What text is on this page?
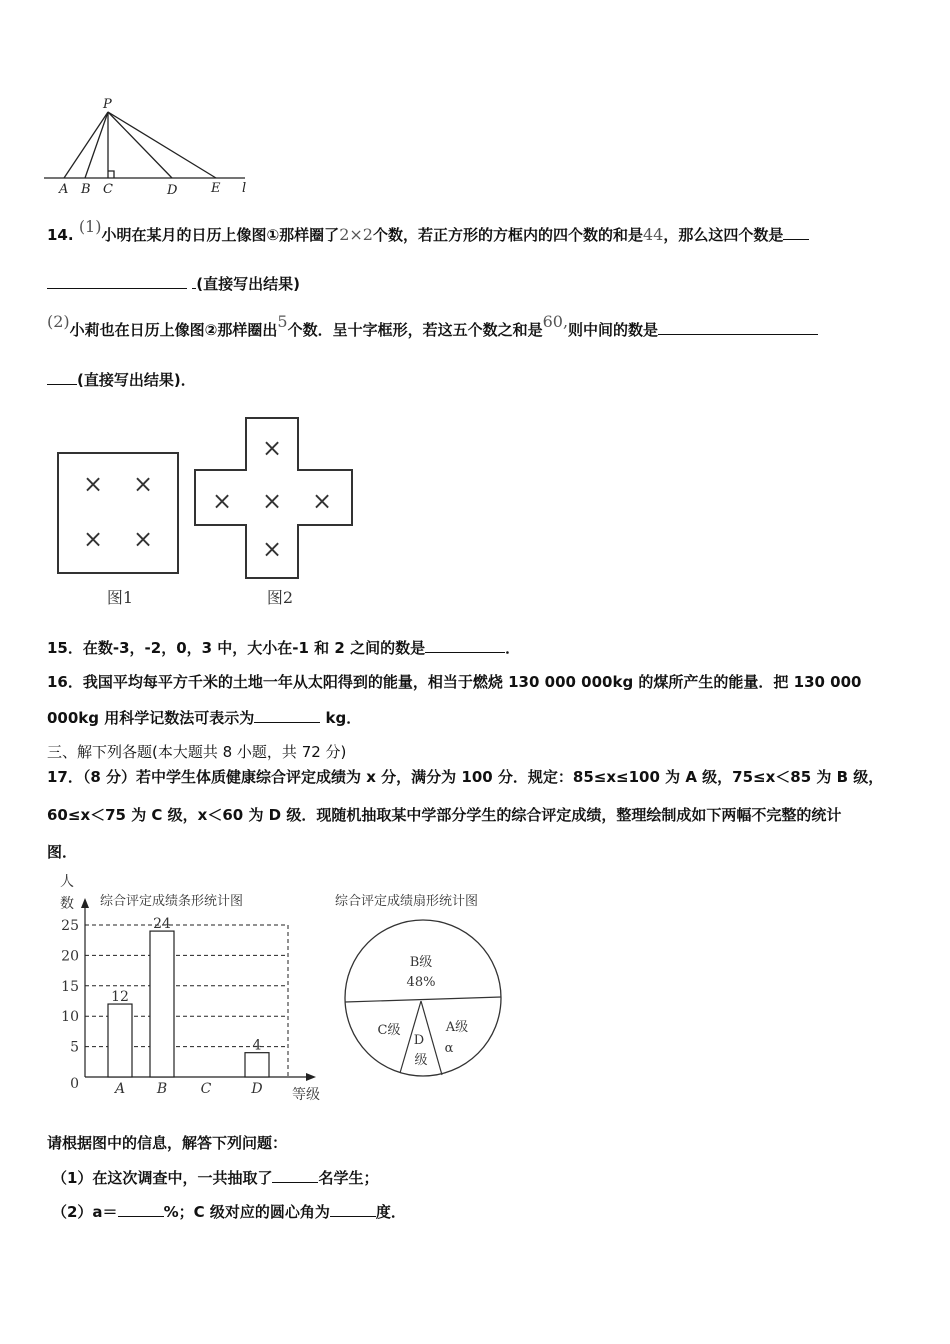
P
A B C	D	E l
× ×
× ×
图1
×
× × ×
×
图2
综合评定成绩条形统计图
人
数
等级
0
5
10
15
20
25
12
A
24
B C
4
D
综合评定成绩扇形统计图
B级
48%
A级
α
D
级
C级
14. (1)小明在某月的日历上像图①那样圈了2×2个数，若正方形的方框内的四个数的和是44，那么这四个数是
(直接写出结果)
(2)小莉也在日历上像图②那样圈出5个数．呈十字框形，若这五个数之和是60,则中间的数是
(直接写出结果)．
15．在数-3，-2，0，3 中，大小在-1 和 2 之间的数是	．
16．我国平均每平方千米的土地一年从太阳得到的能量，相当于燃烧 130 000 000kg 的煤所产生的能量．把 130 000
000kg 用科学记数法可表示为	kg．
三、解下列各题(本大题共 8 小题，共 72 分)
17．（8 分）若中学生体质健康综合评定成绩为 x 分，满分为 100 分．规定：85≤x≤100 为 A 级，75≤x＜85 为 B 级，
60≤x＜75 为 C 级，x＜60 为 D 级．现随机抽取某中学部分学生的综合评定成绩，整理绘制成如下两幅不完整的统计
图．
请根据图中的信息，解答下列问题：
（1）在这次调查中，一共抽取了	名学生；
（2）a＝	%；C 级对应的圆心角为	度．
